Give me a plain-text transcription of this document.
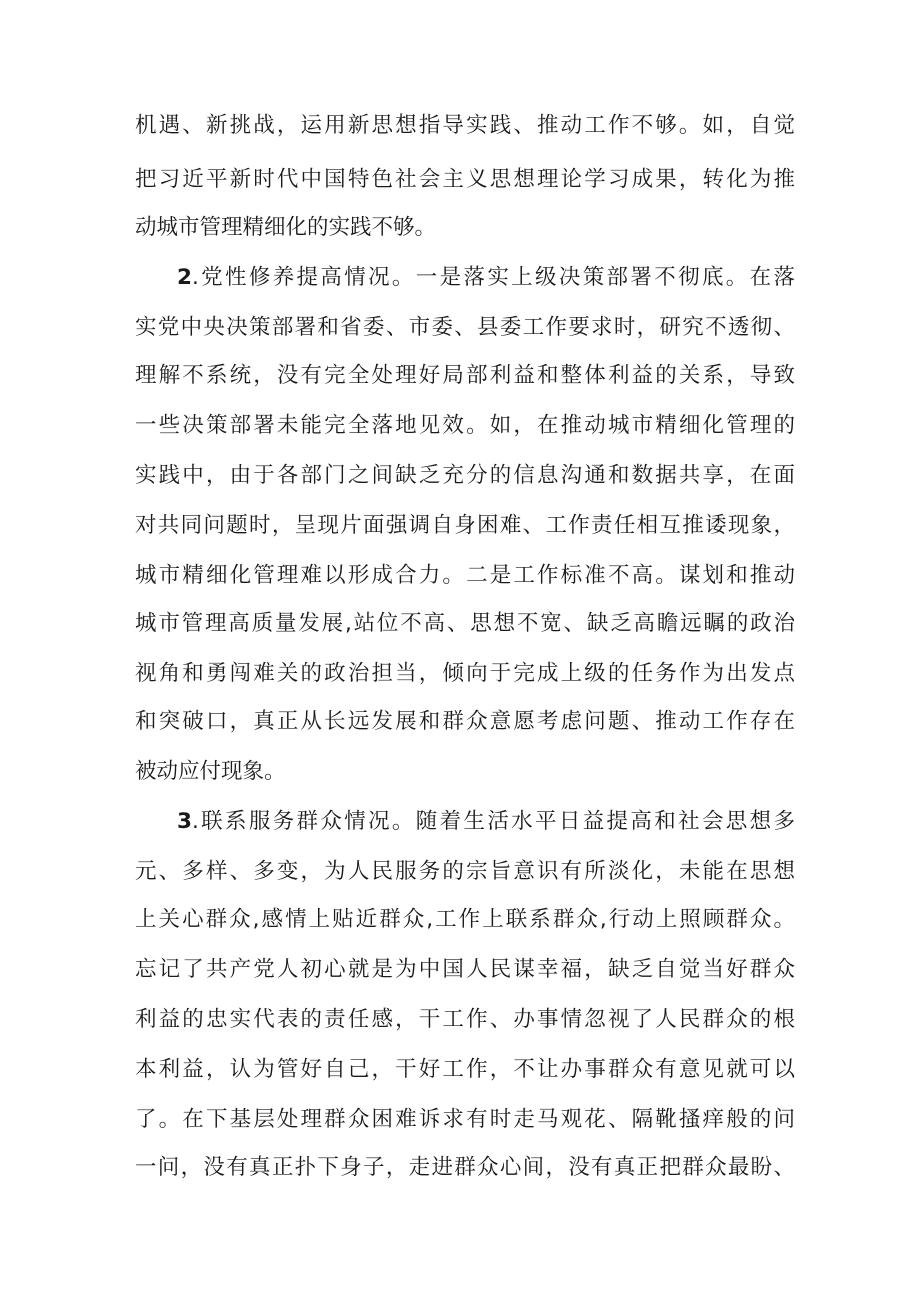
机遇、新挑战，运用新思想指导实践、推动工作不够。如，自觉
把习近平新时代中国特色社会主义思想理论学习成果，转化为推
动城市管理精细化的实践不够。
2.党性修养提高情况。一是落实上级决策部署不彻底。在落
实党中央决策部署和省委、市委、县委工作要求时，研究不透彻、
理解不系统，没有完全处理好局部利益和整体利益的关系，导致
一些决策部署未能完全落地见效。如，在推动城市精细化管理的
实践中，由于各部门之间缺乏充分的信息沟通和数据共享，在面
对共同问题时，呈现片面强调自身困难、工作责任相互推诿现象，
城市精细化管理难以形成合力。二是工作标准不高。谋划和推动
城市管理高质量发展,站位不高、思想不宽、缺乏高瞻远瞩的政治
视角和勇闯难关的政治担当，倾向于完成上级的任务作为出发点
和突破口，真正从长远发展和群众意愿考虑问题、推动工作存在
被动应付现象。
3.联系服务群众情况。随着生活水平日益提高和社会思想多
元、多样、多变，为人民服务的宗旨意识有所淡化，未能在思想
上关心群众,感情上贴近群众,工作上联系群众,行动上照顾群众。
忘记了共产党人初心就是为中国人民谋幸福，缺乏自觉当好群众
利益的忠实代表的责任感，干工作、办事情忽视了人民群众的根
本利益，认为管好自己，干好工作，不让办事群众有意见就可以
了。在下基层处理群众困难诉求有时走马观花、隔靴搔痒般的问
一问，没有真正扑下身子，走进群众心间，没有真正把群众最盼、
